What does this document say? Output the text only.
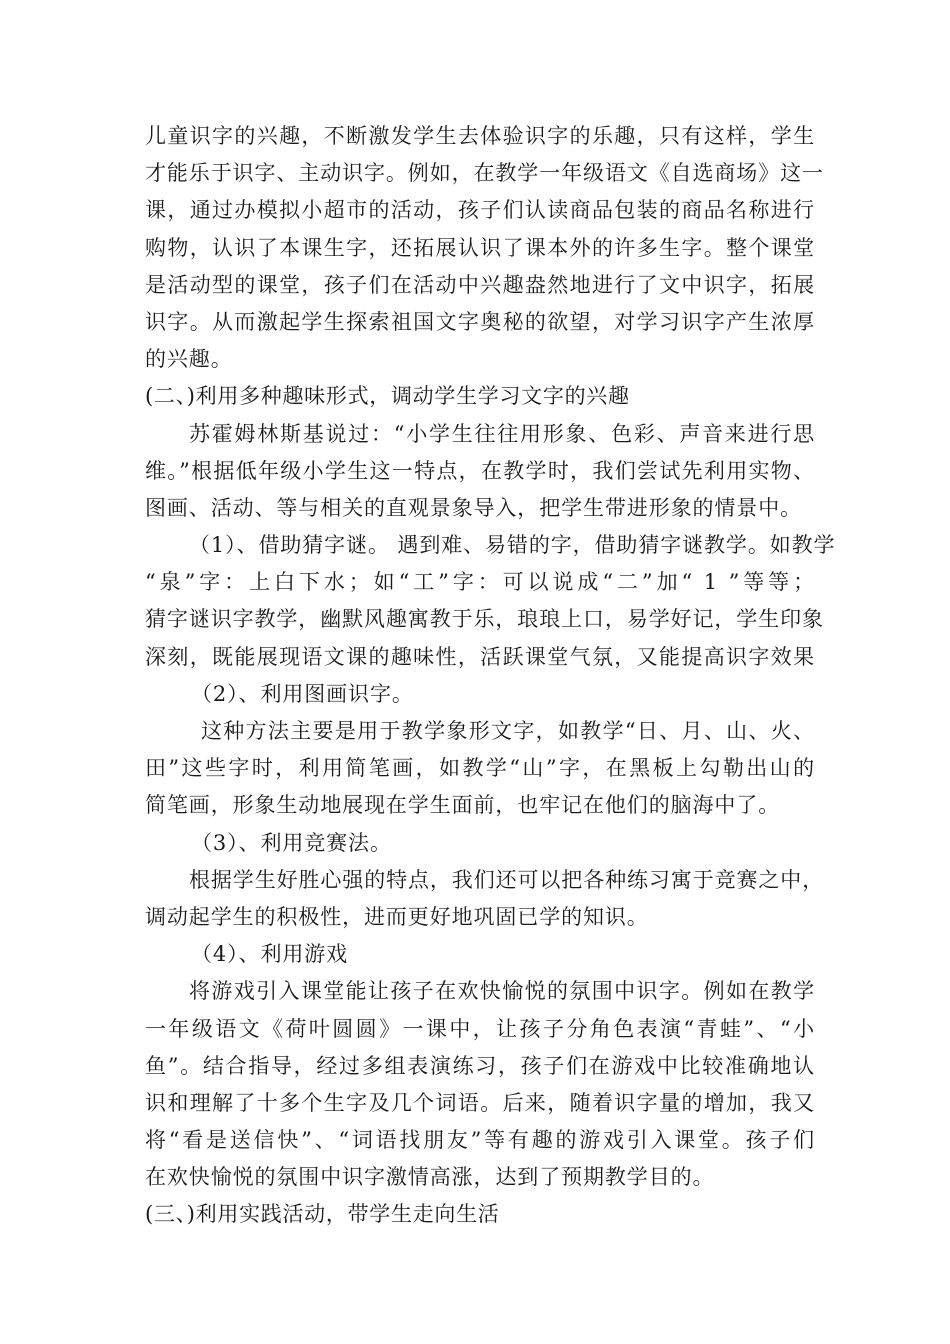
儿童识字的兴趣，不断激发学生去体验识字的乐趣，只有这样，学生
才能乐于识字、主动识字。例如，在教学一年级语文《自选商场》这一
课，通过办模拟小超市的活动，孩子们认读商品包装的商品名称进行
购物，认识了本课生字，还拓展认识了课本外的许多生字。整个课堂
是活动型的课堂，孩子们在活动中兴趣盎然地进行了文中识字，拓展
识字。从而激起学生探索祖国文字奥秘的欲望，对学习识字产生浓厚
的兴趣。
(二、)利用多种趣味形式，调动学生学习文字的兴趣
苏霍姆林斯基说过：“小学生往往用形象、色彩、声音来进行思
维。”根据低年级小学生这一特点，在教学时，我们尝试先利用实物、
图画、活动、等与相关的直观景象导入，把学生带进形象的情景中。
（1）、借助猜字谜。 遇到难、易错的字，借助猜字谜教学。如教学
“泉”字：上白下水；如“工”字：可以说成“二”加“ 1 ”等等；
猜字谜识字教学，幽默风趣寓教于乐，琅琅上口，易学好记，学生印象
深刻，既能展现语文课的趣味性，活跃课堂气氛，又能提高识字效果
（2）、利用图画识字。
这种方法主要是用于教学象形文字，如教学“日、月、山、火、
田”这些字时，利用简笔画，如教学“山”字，在黑板上勾勒出山的
简笔画，形象生动地展现在学生面前，也牢记在他们的脑海中了。
（3）、利用竞赛法。
根据学生好胜心强的特点，我们还可以把各种练习寓于竞赛之中，
调动起学生的积极性，进而更好地巩固已学的知识。
（4）、利用游戏
将游戏引入课堂能让孩子在欢快愉悦的氛围中识字。例如在教学
一年级语文《荷叶圆圆》一课中，让孩子分角色表演“青蛙”、“小
鱼”。结合指导，经过多组表演练习，孩子们在游戏中比较准确地认
识和理解了十多个生字及几个词语。后来，随着识字量的增加，我又
将“看是送信快”、“词语找朋友”等有趣的游戏引入课堂。孩子们
在欢快愉悦的氛围中识字激情高涨，达到了预期教学目的。
(三、)利用实践活动，带学生走向生活
